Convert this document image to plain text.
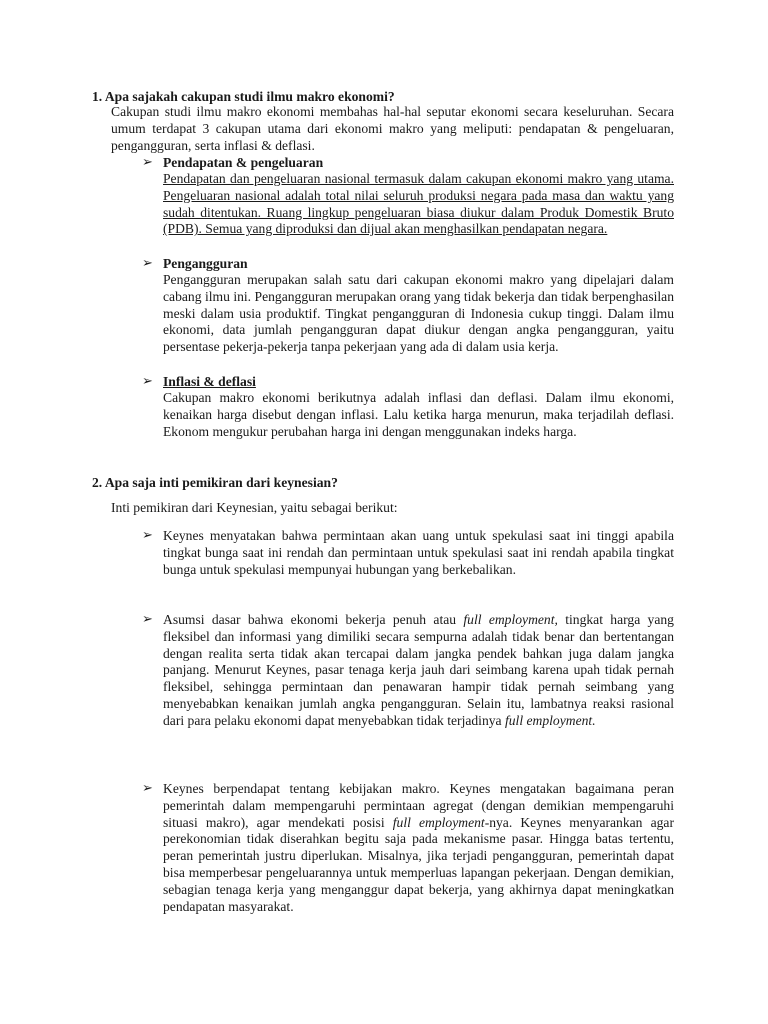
1. Apa sajakah cakupan studi ilmu makro ekonomi?
Cakupan studi ilmu makro ekonomi membahas hal-hal seputar ekonomi secara keseluruhan. Secara umum terdapat 3 cakupan utama dari ekonomi makro yang meliputi: pendapatan & pengeluaran, pengangguran, serta inflasi & deflasi.
➢ Pendapatan & pengeluaran
Pendapatan dan pengeluaran nasional termasuk dalam cakupan ekonomi makro yang utama. Pengeluaran nasional adalah total nilai seluruh produksi negara pada masa dan waktu yang sudah ditentukan. Ruang lingkup pengeluaran biasa diukur dalam Produk Domestik Bruto (PDB). Semua yang diproduksi dan dijual akan menghasilkan pendapatan negara.
➢ Pengangguran
Pengangguran merupakan salah satu dari cakupan ekonomi makro yang dipelajari dalam cabang ilmu ini. Pengangguran merupakan orang yang tidak bekerja dan tidak berpenghasilan meski dalam usia produktif. Tingkat pengangguran di Indonesia cukup tinggi. Dalam ilmu ekonomi, data jumlah pengangguran dapat diukur dengan angka pengangguran, yaitu persentase pekerja-pekerja tanpa pekerjaan yang ada di dalam usia kerja.
➢ Inflasi & deflasi
Cakupan makro ekonomi berikutnya adalah inflasi dan deflasi. Dalam ilmu ekonomi, kenaikan harga disebut dengan inflasi. Lalu ketika harga menurun, maka terjadilah deflasi. Ekonom mengukur perubahan harga ini dengan menggunakan indeks harga.
2. Apa saja inti pemikiran dari keynesian?
Inti pemikiran dari Keynesian, yaitu sebagai berikut:
➢ Keynes menyatakan bahwa permintaan akan uang untuk spekulasi saat ini tinggi apabila tingkat bunga saat ini rendah dan permintaan untuk spekulasi saat ini rendah apabila tingkat bunga untuk spekulasi mempunyai hubungan yang berkebalikan.
➢ Asumsi dasar bahwa ekonomi bekerja penuh atau full employment, tingkat harga yang fleksibel dan informasi yang dimiliki secara sempurna adalah tidak benar dan bertentangan dengan realita serta tidak akan tercapai dalam jangka pendek bahkan juga dalam jangka panjang. Menurut Keynes, pasar tenaga kerja jauh dari seimbang karena upah tidak pernah fleksibel, sehingga permintaan dan penawaran hampir tidak pernah seimbang yang menyebabkan kenaikan jumlah angka pengangguran. Selain itu, lambatnya reaksi rasional dari para pelaku ekonomi dapat menyebabkan tidak terjadinya full employment.
➢ Keynes berpendapat tentang kebijakan makro. Keynes mengatakan bagaimana peran pemerintah dalam mempengaruhi permintaan agregat (dengan demikian mempengaruhi situasi makro), agar mendekati posisi full employment-nya. Keynes menyarankan agar perekonomian tidak diserahkan begitu saja pada mekanisme pasar. Hingga batas tertentu, peran pemerintah justru diperlukan. Misalnya, jika terjadi pengangguran, pemerintah dapat bisa memperbesar pengeluarannya untuk memperluas lapangan pekerjaan. Dengan demikian, sebagian tenaga kerja yang menganggur dapat bekerja, yang akhirnya dapat meningkatkan pendapatan masyarakat.
